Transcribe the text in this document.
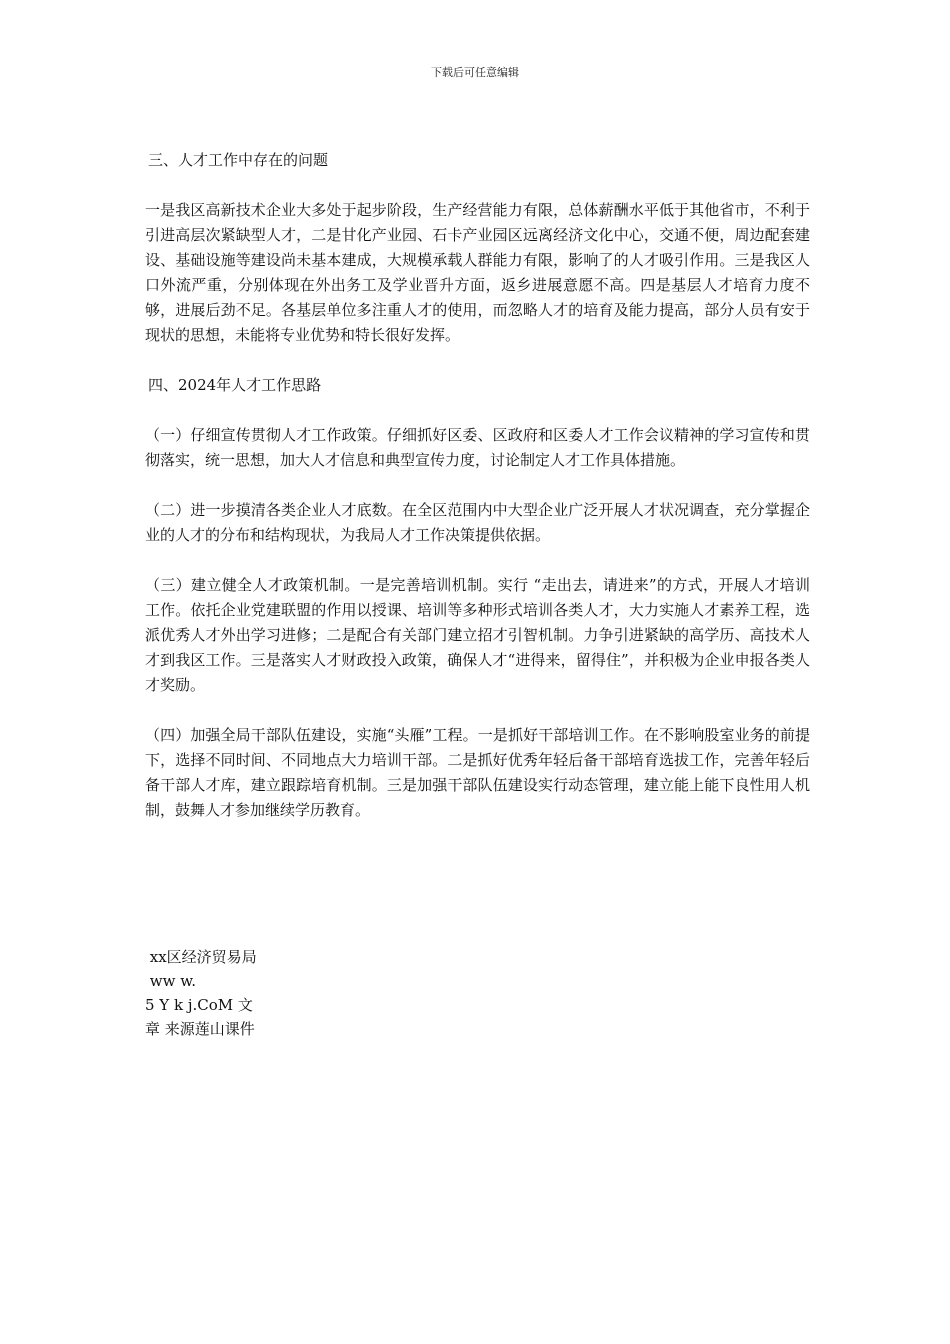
下载后可任意编辑

三、人才工作中存在的问题

一是我区高新技术企业大多处于起步阶段，生产经营能力有限，总体薪酬水平低于其他省市，不利于引进高层次紧缺型人才，二是甘化产业园、石卡产业园区远离经济文化中心，交通不便，周边配套建设、基础设施等建设尚未基本建成，大规模承载人群能力有限，影响了的人才吸引作用。三是我区人口外流严重，分别体现在外出务工及学业晋升方面，返乡进展意愿不高。四是基层人才培育力度不够，进展后劲不足。各基层单位多注重人才的使用，而忽略人才的培育及能力提高，部分人员有安于现状的思想，未能将专业优势和特长很好发挥。

四、2024年人才工作思路

（一）仔细宣传贯彻人才工作政策。仔细抓好区委、区政府和区委人才工作会议精神的学习宣传和贯彻落实，统一思想，加大人才信息和典型宣传力度，讨论制定人才工作具体措施。

（二）进一步摸清各类企业人才底数。在全区范围内中大型企业广泛开展人才状况调查，充分掌握企业的人才的分布和结构现状，为我局人才工作决策提供依据。

（三）建立健全人才政策机制。一是完善培训机制。实行 “走出去，请进来”的方式，开展人才培训工作。依托企业党建联盟的作用以授课、培训等多种形式培训各类人才，大力实施人才素养工程，选派优秀人才外出学习进修；二是配合有关部门建立招才引智机制。力争引进紧缺的高学历、高技术人才到我区工作。三是落实人才财政投入政策，确保人才“进得来，留得住”，并积极为企业申报各类人才奖励。

（四）加强全局干部队伍建设，实施“头雁”工程。一是抓好干部培训工作。在不影响股室业务的前提下，选择不同时间、不同地点大力培训干部。二是抓好优秀年轻后备干部培育选拔工作，完善年轻后备干部人才库，建立跟踪培育机制。三是加强干部队伍建设实行动态管理，建立能上能下良性用人机制，鼓舞人才参加继续学历教育。

xx区经济贸易局

ww w.

5 Y k j.CoM 文

章 来源莲山课件
